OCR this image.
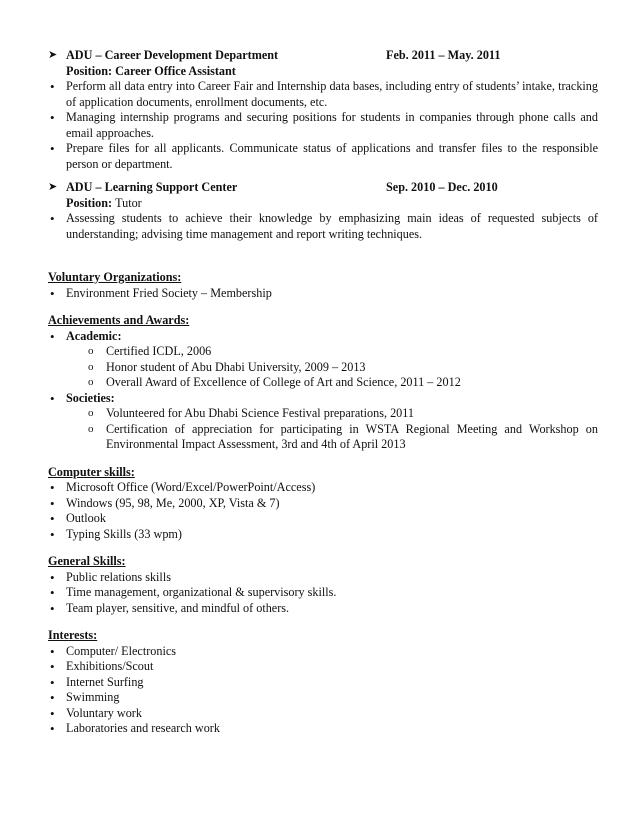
➤ ADU – Career Development Department	Feb. 2011 – May. 2011
Position: Career Office Assistant
• Perform all data entry into Career Fair and Internship data bases, including entry of students’ intake, tracking of application documents, enrollment documents, etc.
• Managing internship programs and securing positions for students in companies through phone calls and email approaches.
• Prepare files for all applicants. Communicate status of applications and transfer files to the responsible person or department.
➤ ADU – Learning Support Center	Sep. 2010 – Dec. 2010
Position: Tutor
• Assessing students to achieve their knowledge by emphasizing main ideas of requested subjects of understanding; advising time management and report writing techniques.
Voluntary Organizations:
• Environment Fried Society – Membership
Achievements and Awards:
• Academic:
o Certified ICDL, 2006
o Honor student of Abu Dhabi University, 2009 – 2013
o Overall Award of Excellence of College of Art and Science, 2011 – 2012
• Societies:
o Volunteered for Abu Dhabi Science Festival preparations, 2011
o Certification of appreciation for participating in WSTA Regional Meeting and Workshop on Environmental Impact Assessment, 3rd and 4th of April 2013
Computer skills:
• Microsoft Office (Word/Excel/PowerPoint/Access)
• Windows (95, 98, Me, 2000, XP, Vista & 7)
• Outlook
• Typing Skills (33 wpm)
General Skills:
• Public relations skills
• Time management, organizational & supervisory skills.
• Team player, sensitive, and mindful of others.
Interests:
• Computer/ Electronics
• Exhibitions/Scout
• Internet Surfing
• Swimming
• Voluntary work
• Laboratories and research work
